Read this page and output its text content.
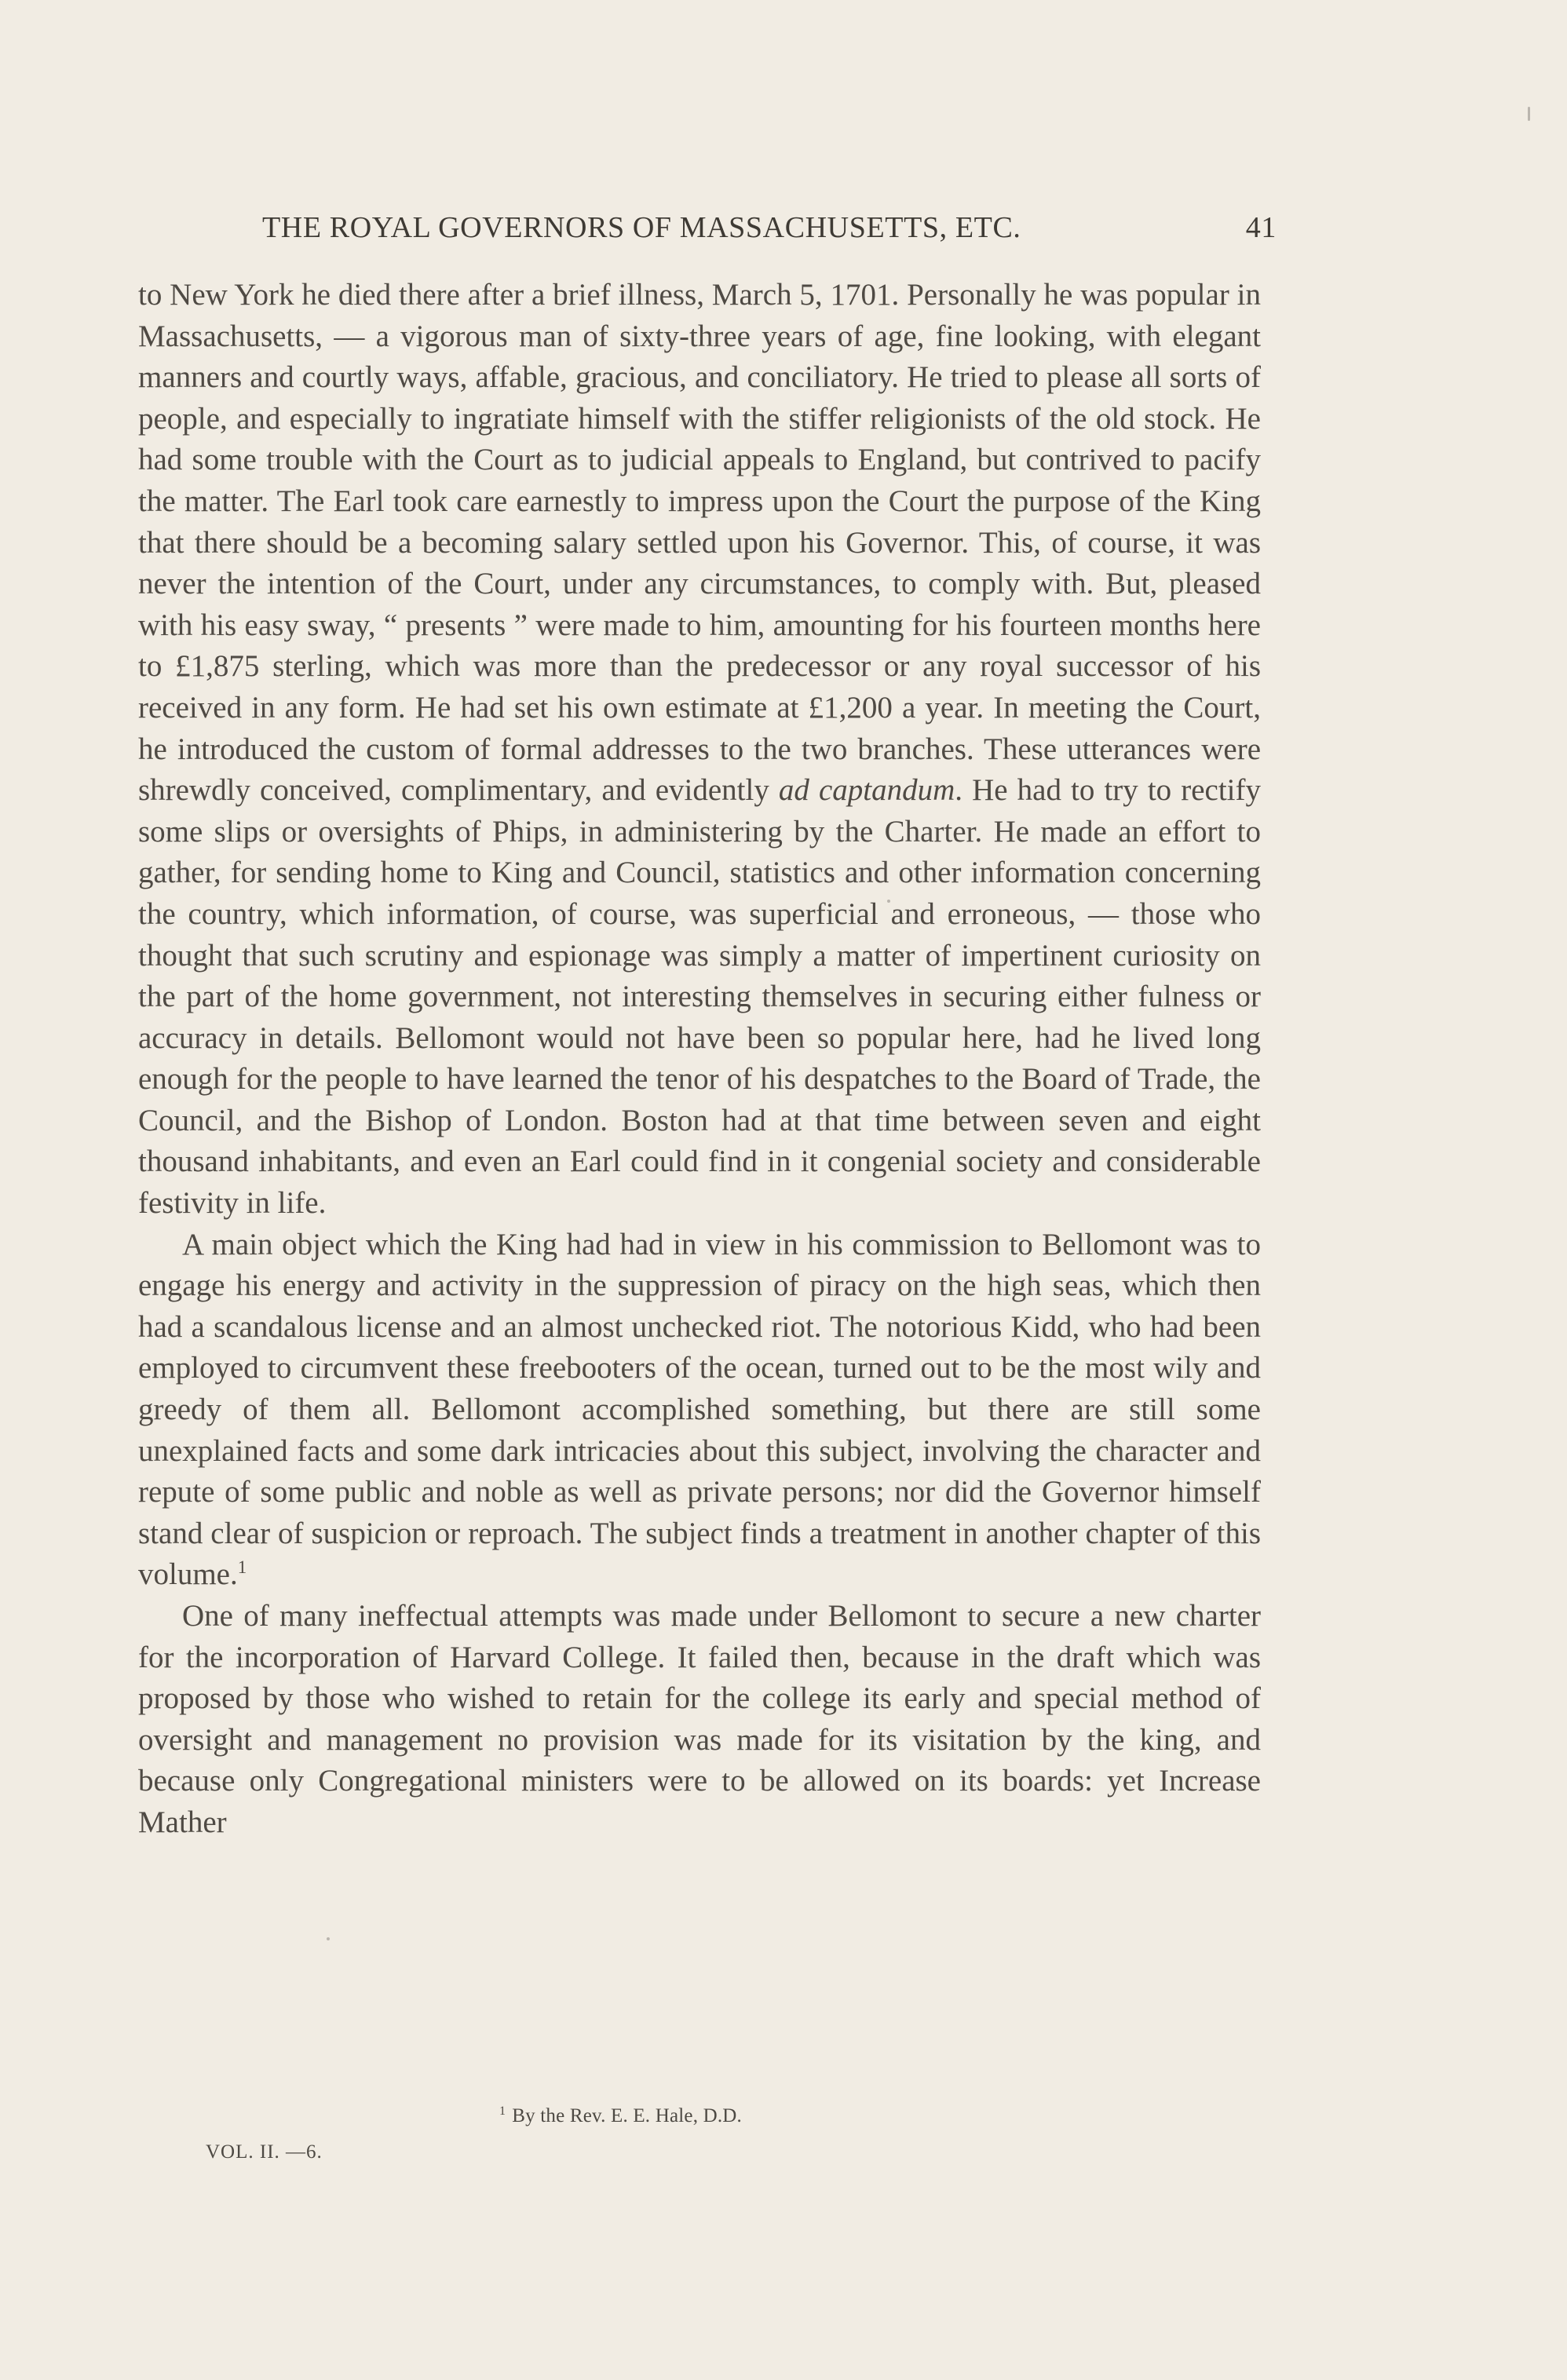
THE ROYAL GOVERNORS OF MASSACHUSETTS, ETC.	41

to New York he died there after a brief illness, March 5, 1701. Personally he was popular in Massachusetts, — a vigorous man of sixty-three years of age, fine looking, with elegant manners and courtly ways, affable, gracious, and conciliatory. He tried to please all sorts of people, and especially to ingratiate himself with the stiffer religionists of the old stock. He had some trouble with the Court as to judicial appeals to England, but contrived to pacify the matter. The Earl took care earnestly to impress upon the Court the purpose of the King that there should be a becoming salary settled upon his Governor. This, of course, it was never the intention of the Court, under any circumstances, to comply with. But, pleased with his easy sway, “ presents ” were made to him, amounting for his fourteen months here to £1,875 sterling, which was more than the predecessor or any royal successor of his received in any form. He had set his own estimate at £1,200 a year. In meeting the Court, he introduced the custom of formal addresses to the two branches. These utterances were shrewdly conceived, complimentary, and evidently ad captandum. He had to try to rectify some slips or oversights of Phips, in administering by the Charter. He made an effort to gather, for sending home to King and Council, statistics and other information concerning the country, which information, of course, was superficial and erroneous, — those who thought that such scrutiny and espionage was simply a matter of impertinent curiosity on the part of the home government, not interesting themselves in securing either fulness or accuracy in details. Bellomont would not have been so popular here, had he lived long enough for the people to have learned the tenor of his despatches to the Board of Trade, the Council, and the Bishop of London. Boston had at that time between seven and eight thousand inhabitants, and even an Earl could find in it congenial society and considerable festivity in life.

A main object which the King had had in view in his commission to Bellomont was to engage his energy and activity in the suppression of piracy on the high seas, which then had a scandalous license and an almost unchecked riot. The notorious Kidd, who had been employed to circumvent these freebooters of the ocean, turned out to be the most wily and greedy of them all. Bellomont accomplished something, but there are still some unexplained facts and some dark intricacies about this subject, involving the character and repute of some public and noble as well as private persons; nor did the Governor himself stand clear of suspicion or reproach. The subject finds a treatment in another chapter of this volume.$^1$

One of many ineffectual attempts was made under Bellomont to secure a new charter for the incorporation of Harvard College. It failed then, because in the draft which was proposed by those who wished to retain for the college its early and special method of oversight and management no provision was made for its visitation by the king, and because only Congregational ministers were to be allowed on its boards: yet Increase Mather

$^1$ By the Rev. E. E. Hale, D.D.
VOL. II. —6.
